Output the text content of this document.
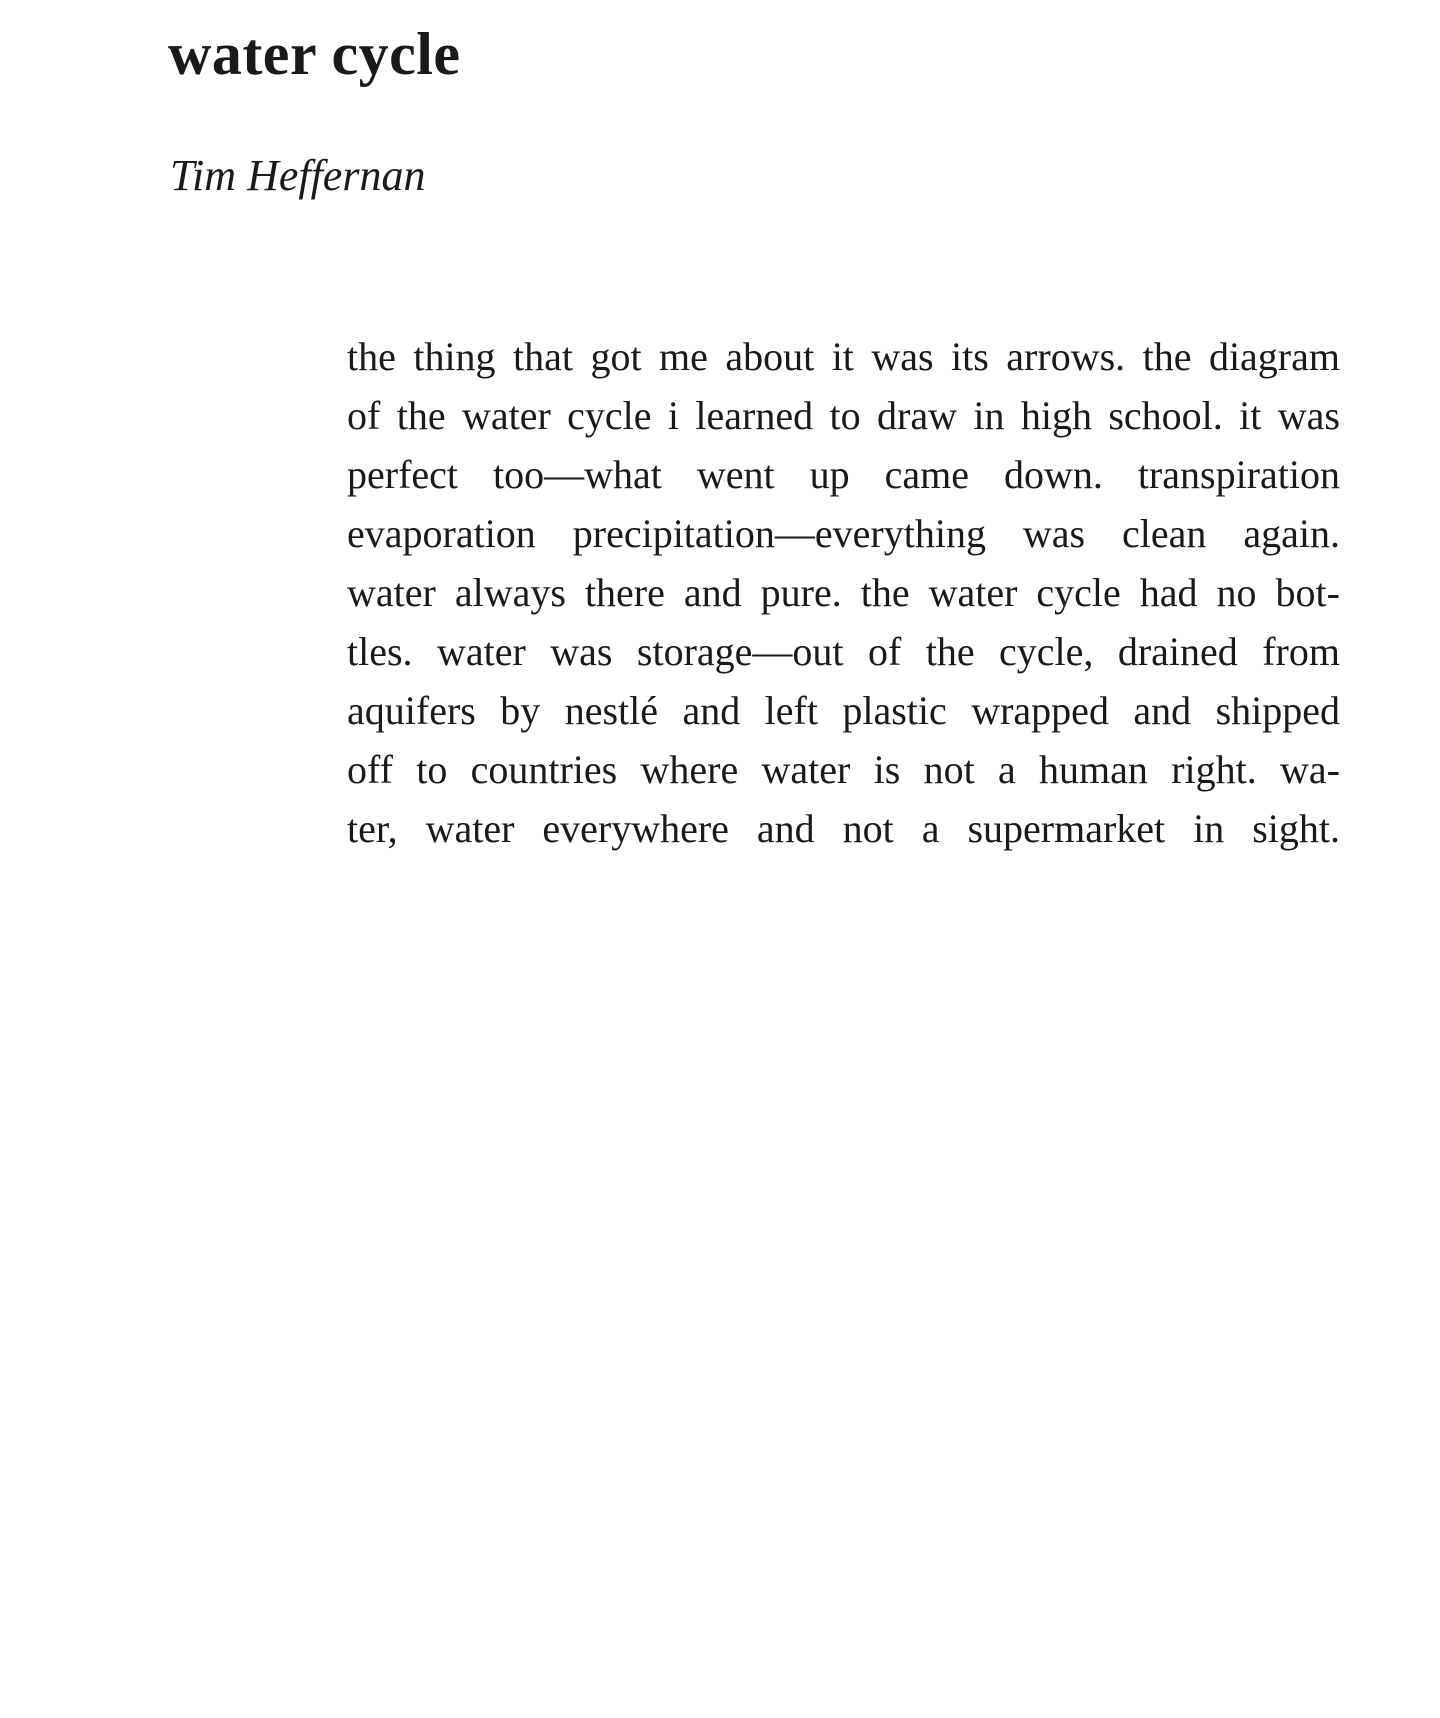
water cycle

Tim Heffernan

the thing that got me about it was its arrows. the diagram
of the water cycle i learned to draw in high school. it was
perfect too—what went up came down. transpiration
evaporation precipitation—everything was clean again.
water always there and pure. the water cycle had no bot-
tles. water was storage—out of the cycle, drained from
aquifers by nestlé and left plastic wrapped and shipped
off to countries where water is not a human right. wa-
ter, water everywhere and not a supermarket in sight.
